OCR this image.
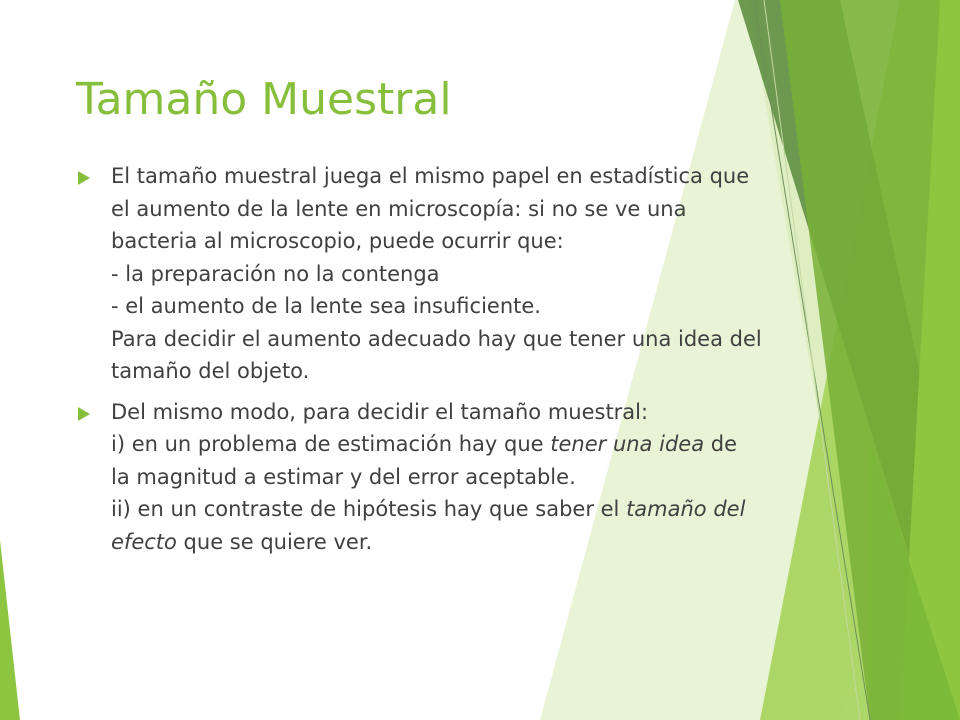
Tamaño Muestral
El tamaño muestral juega el mismo papel en estadística que
el aumento de la lente en microscopía: si no se ve una
bacteria al microscopio, puede ocurrir que:
- la preparación no la contenga
- el aumento de la lente sea insuficiente.
Para decidir el aumento adecuado hay que tener una idea del
tamaño del objeto.
Del mismo modo, para decidir el tamaño muestral:
i) en un problema de estimación hay que tener una idea de
la magnitud a estimar y del error aceptable.
ii) en un contraste de hipótesis hay que saber el tamaño del
efecto que se quiere ver.
